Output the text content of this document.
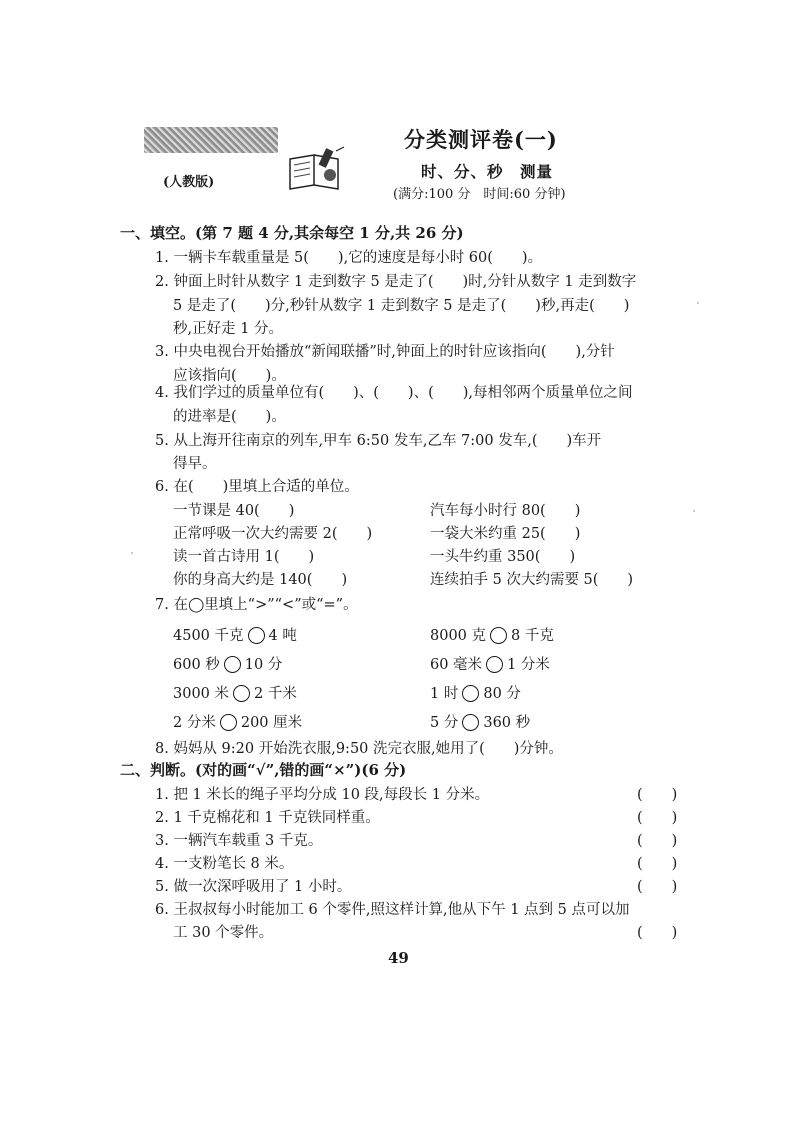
分类测评卷(一)
时、分、秒　测量
(人教版)
(满分:100 分　时间:60 分钟)
一、填空。(第 7 题 4 分,其余每空 1 分,共 26 分)
1. 一辆卡车载重量是 5(　　),它的速度是每小时 60(　　)。
2. 钟面上时针从数字 1 走到数字 5 是走了(　　)时,分针从数字 1 走到数字
5 是走了(　　)分,秒针从数字 1 走到数字 5 是走了(　　)秒,再走(　　)
秒,正好走 1 分。
3. 中央电视台开始播放“新闻联播”时,钟面上的时针应该指向(　　),分针
应该指向(　　)。
4. 我们学过的质量单位有(　　)、(　　)、(　　),每相邻两个质量单位之间
的进率是(　　)。
5. 从上海开往南京的列车,甲车 6:50 发车,乙车 7:00 发车,(　　)车开
得早。
6. 在(　　)里填上合适的单位。
一节课是 40(　　)	汽车每小时行 80(　　)
正常呼吸一次大约需要 2(　　)	一袋大米约重 25(　　)
读一首古诗用 1(　　)	一头牛约重 350(　　)
你的身高大约是 140(　　)	连续拍手 5 次大约需要 5(　　)
7. 在◯里填上“>”“<”或“=”。
4500 千克 4 吨	8000 克 8 千克
600 秒 10 分	60 毫米 1 分米
3000 米 2 千米	1 时 80 分
2 分米 200 厘米	5 分 360 秒
8. 妈妈从 9:20 开始洗衣服,9:50 洗完衣服,她用了(　　)分钟。
二、判断。(对的画“√”,错的画“×”)(6 分)
1. 把 1 米长的绳子平均分成 10 段,每段长 1 分米。	(　　)
2. 1 千克棉花和 1 千克铁同样重。	(　　)
3. 一辆汽车载重 3 千克。	(　　)
4. 一支粉笔长 8 米。	(　　)
5. 做一次深呼吸用了 1 小时。	(　　)
6. 王叔叔每小时能加工 6 个零件,照这样计算,他从下午 1 点到 5 点可以加
工 30 个零件。	(　　)
49
